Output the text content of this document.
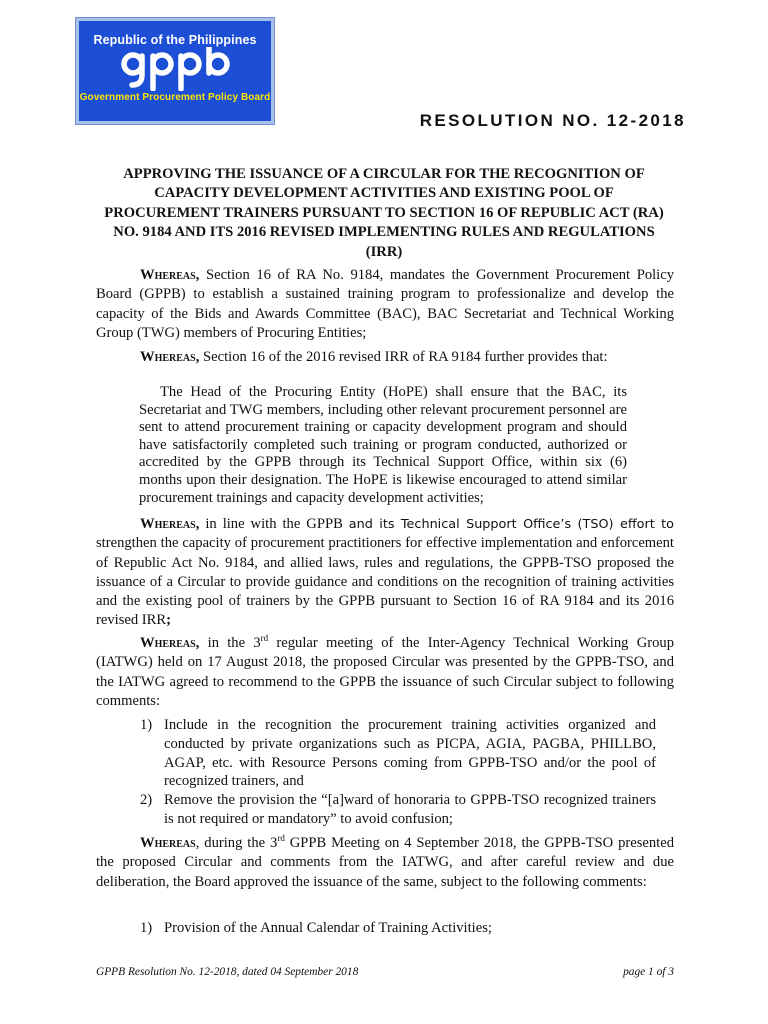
Republic of the Philippines
Government Procurement Policy Board
RESOLUTION NO. 12-2018
APPROVING THE ISSUANCE OF A CIRCULAR FOR THE RECOGNITION OF CAPACITY DEVELOPMENT ACTIVITIES AND EXISTING POOL OF PROCUREMENT TRAINERS PURSUANT TO SECTION 16 OF REPUBLIC ACT (RA) NO. 9184 AND ITS 2016 REVISED IMPLEMENTING RULES AND REGULATIONS (IRR)
Whereas, Section 16 of RA No. 9184, mandates the Government Procurement Policy Board (GPPB) to establish a sustained training program to professionalize and develop the capacity of the Bids and Awards Committee (BAC), BAC Secretariat and Technical Working Group (TWG) members of Procuring Entities;
Whereas, Section 16 of the 2016 revised IRR of RA 9184 further provides that:
The Head of the Procuring Entity (HoPE) shall ensure that the BAC, its Secretariat and TWG members, including other relevant procurement personnel are sent to attend procurement training or capacity development program and should have satisfactorily completed such training or program conducted, authorized or accredited by the GPPB through its Technical Support Office, within six (6) months upon their designation. The HoPE is likewise encouraged to attend similar procurement trainings and capacity development activities;
Whereas, in line with the GPPB and its Technical Support Office’s (TSO) effort to strengthen the capacity of procurement practitioners for effective implementation and enforcement of Republic Act No. 9184, and allied laws, rules and regulations, the GPPB-TSO proposed the issuance of a Circular to provide guidance and conditions on the recognition of training activities and the existing pool of trainers by the GPPB pursuant to Section 16 of RA 9184 and its 2016 revised IRR;
Whereas, in the 3rd regular meeting of the Inter-Agency Technical Working Group (IATWG) held on 17 August 2018, the proposed Circular was presented by the GPPB-TSO, and the IATWG agreed to recommend to the GPPB the issuance of such Circular subject to following comments:
1) Include in the recognition the procurement training activities organized and conducted by private organizations such as PICPA, AGIA, PAGBA, PHILLBO, AGAP, etc. with Resource Persons coming from GPPB-TSO and/or the pool of recognized trainers, and
2) Remove the provision the “[a]ward of honoraria to GPPB-TSO recognized trainers is not required or mandatory” to avoid confusion;
Whereas, during the 3rd GPPB Meeting on 4 September 2018, the GPPB-TSO presented the proposed Circular and comments from the IATWG, and after careful review and due deliberation, the Board approved the issuance of the same, subject to the following comments:
1) Provision of the Annual Calendar of Training Activities;
GPPB Resolution No. 12-2018, dated 04 September 2018	page 1 of 3
